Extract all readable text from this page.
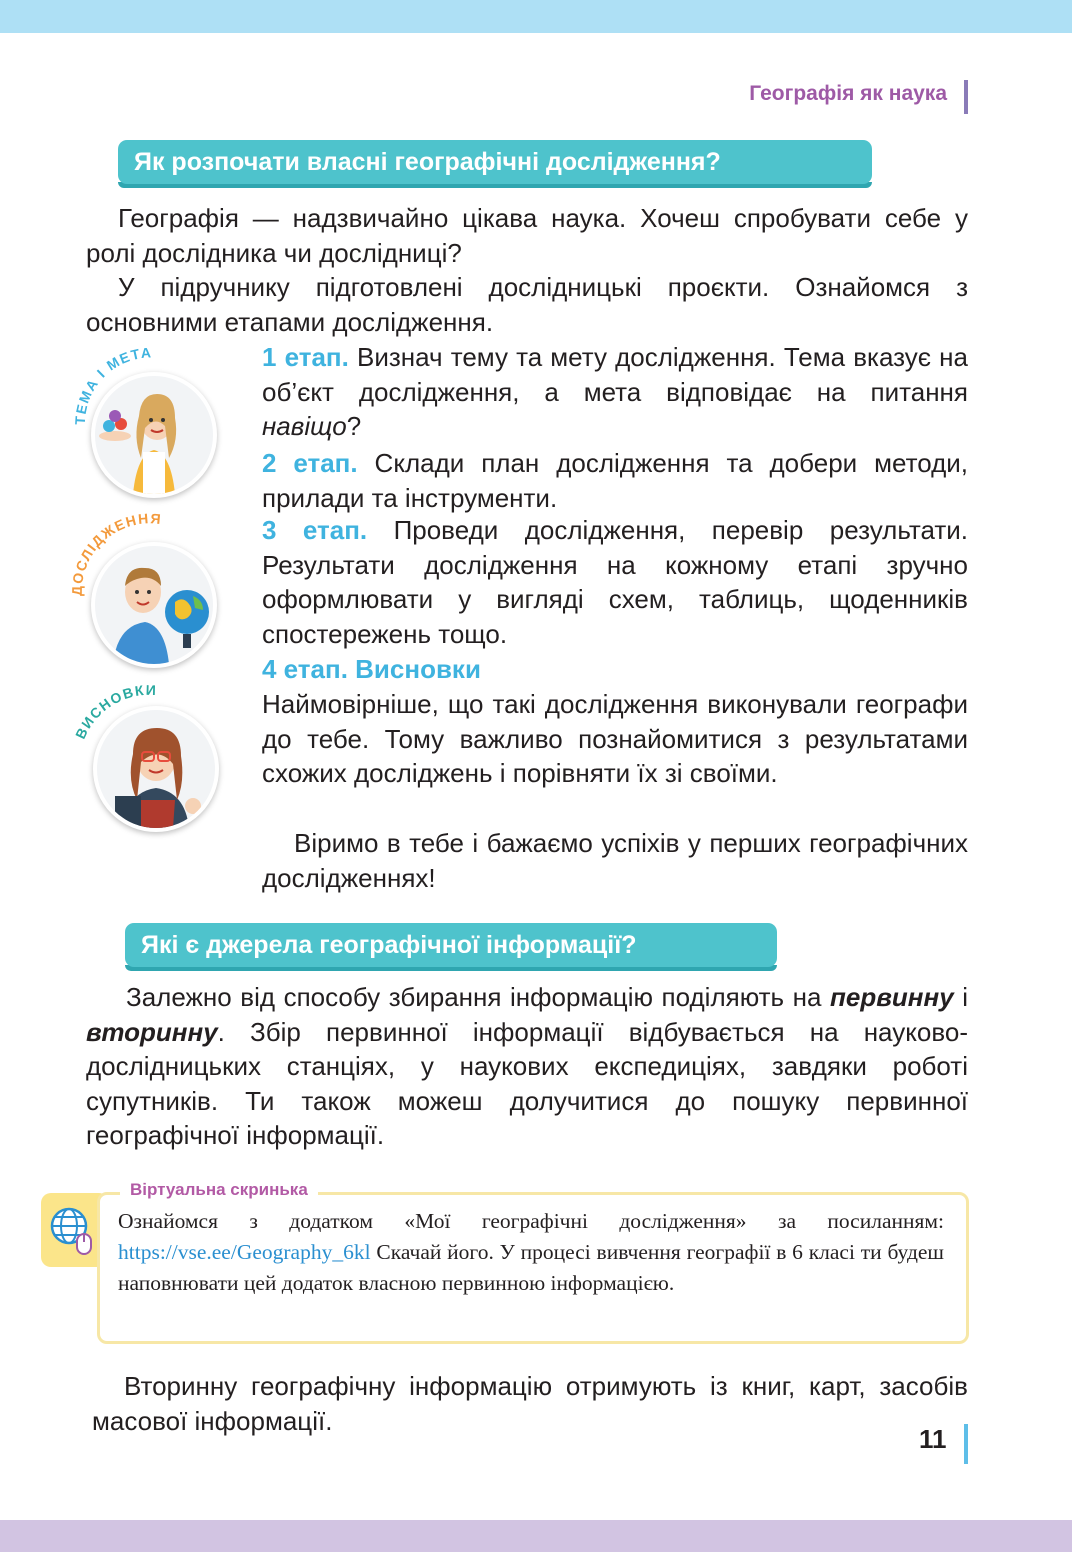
Географія як наука
Як розпочати власні географічні дослідження?

Географія — надзвичайно цікава наука. Хочеш спробувати себе у ролі дослідника чи дослідниці?

У підручнику підготовлені дослідницькі проєкти. Ознайомся з основними етапами дослідження.

1 етап. Визнач тему та мету дослідження. Тема вказує на об’єкт дослідження, а мета відповідає на питання навіщо?

2 етап. Склади план дослідження та добери методи, прилади та інструменти.

3 етап. Проведи дослідження, перевір результати. Результати дослідження на кожному етапі зручно оформлювати у вигляді схем, таблиць, щоденників спостережень тощо.

4 етап. Висновки

Наймовірніше, що такі дослідження виконували географи до тебе. Тому важливо познайомитися з результатами схожих досліджень і порівняти їх зі своїми.

Віримо в тебе і бажаємо успіхів у перших географічних дослідженнях!

ТЕМА І МЕТА
ДОСЛІДЖЕННЯ
ВИСНОВКИ
Які є джерела географічної інформації?

Залежно від способу збирання інформацію поділяють на первинну і вторинну. Збір первинної інформації відбувається на науково-дослідницьких станціях, у наукових експедиціях, завдяки роботі супутників. Ти також можеш долучитися до пошуку первинної географічної інформації.

Віртуальна скринька

Ознайомся з додатком «Мої географічні дослідження» за посиланням: https://vse.ee/Geography_6kl Скачай його. У процесі вивчення географії в 6 класі ти будеш наповнювати цей додаток власною первинною інформацією.

Вторинну географічну інформацію отримують із книг, карт, засобів масової інформації.

11
